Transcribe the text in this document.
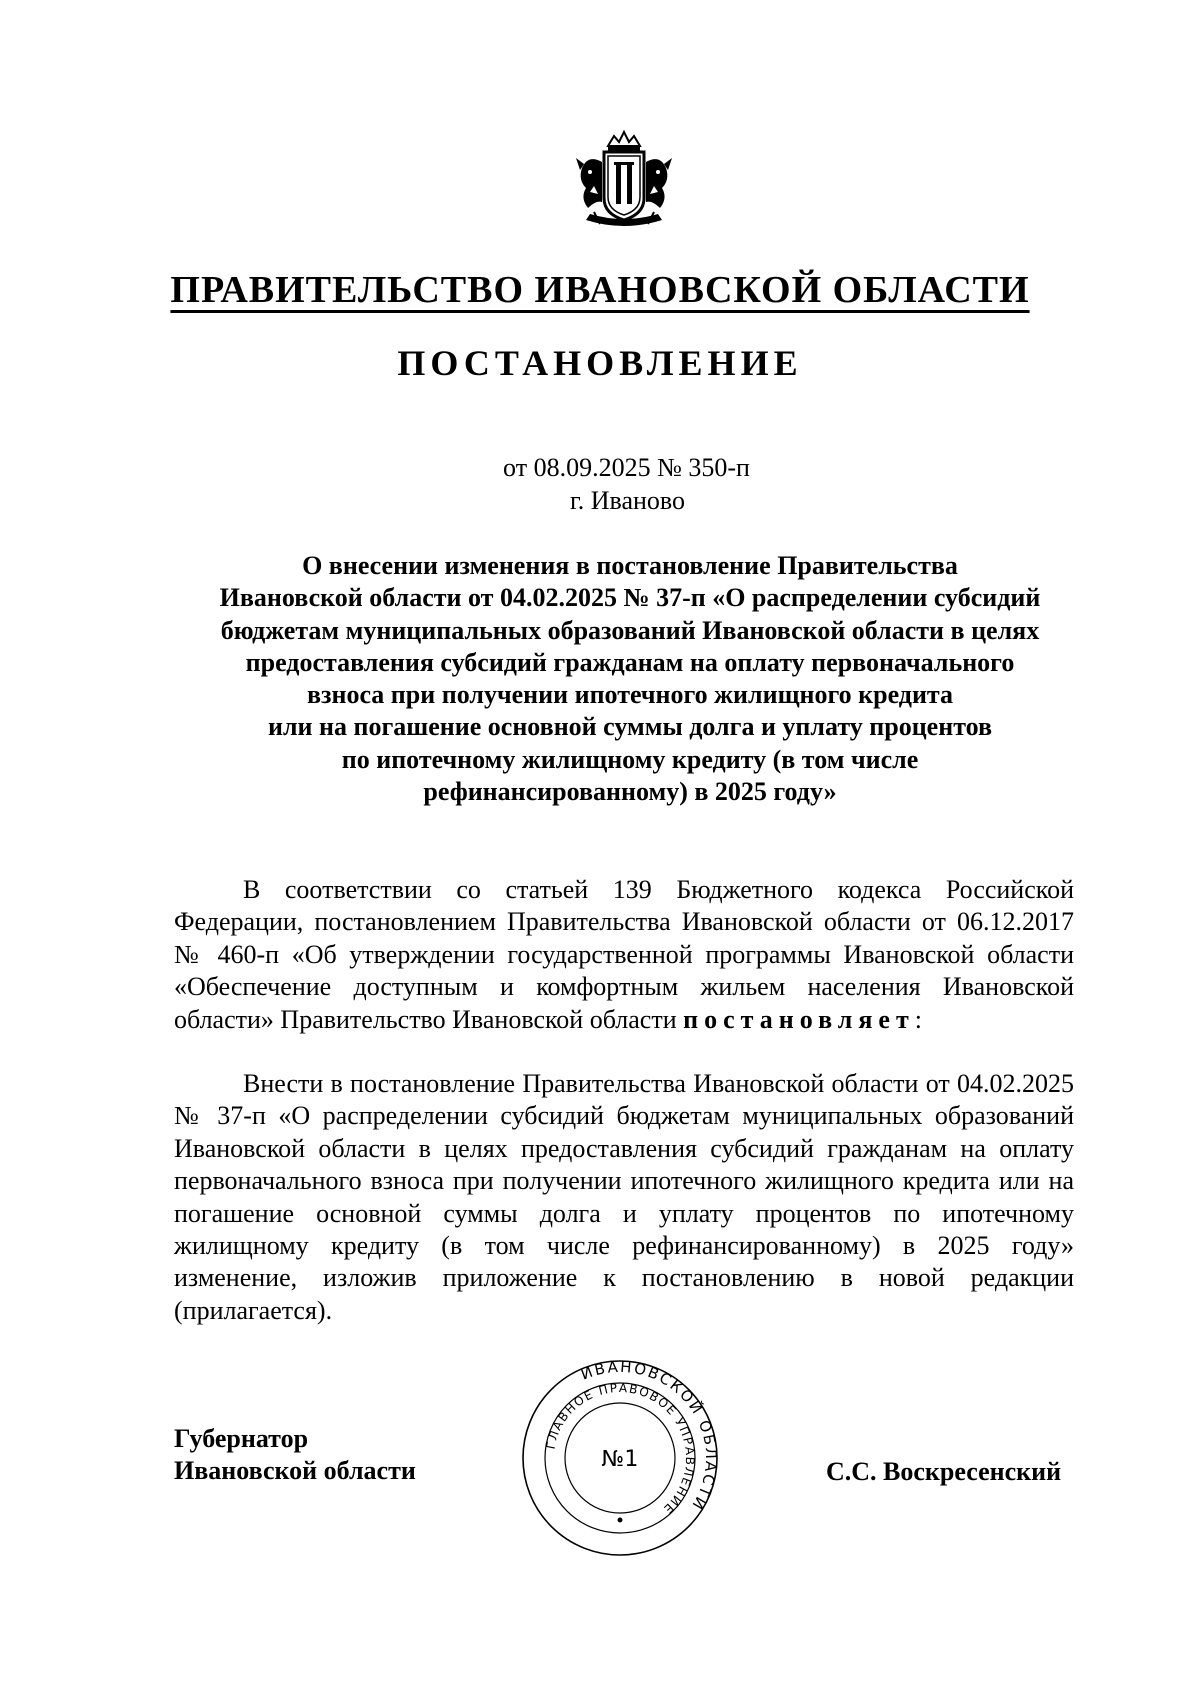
ПРАВИТЕЛЬСТВО ИВАНОВСКОЙ ОБЛАСТИ
ПОСТАНОВЛЕНИЕ
от 08.09.2025 № 350-п
г. Иваново
О внесении изменения в постановление Правительства
Ивановской области от 04.02.2025 № 37-п «О распределении субсидий
бюджетам муниципальных образований Ивановской области в целях
предоставления субсидий гражданам на оплату первоначального
взноса при получении ипотечного жилищного кредита
или на погашение основной суммы долга и уплату процентов
по ипотечному жилищному кредиту (в том числе
рефинансированному) в 2025 году»
В соответствии со статьей 139 Бюджетного кодекса Российской Федерации, постановлением Правительства Ивановской области от 06.12.2017 № 460-п «Об утверждении государственной программы Ивановской области «Обеспечение доступным и комфортным жильем населения Ивановской области» Правительство Ивановской области постановляет:
Внести в постановление Правительства Ивановской области от 04.02.2025 № 37-п «О распределении субсидий бюджетам муниципальных образований Ивановской области в целях предоставления субсидий гражданам на оплату первоначального взноса при получении ипотечного жилищного кредита или на погашение основной суммы долга и уплату процентов по ипотечному жилищному кредиту (в том числе рефинансированному) в 2025 году» изменение, изложив приложение к постановлению в новой редакции (прилагается).
Губернатор
Ивановской области	С.С. Воскресенский
ИВАНОВСКОЙ ОБЛАСТИ
ГЛАВНОЕ ПРАВОВОЕ УПРАВЛЕНИЕ
№1
